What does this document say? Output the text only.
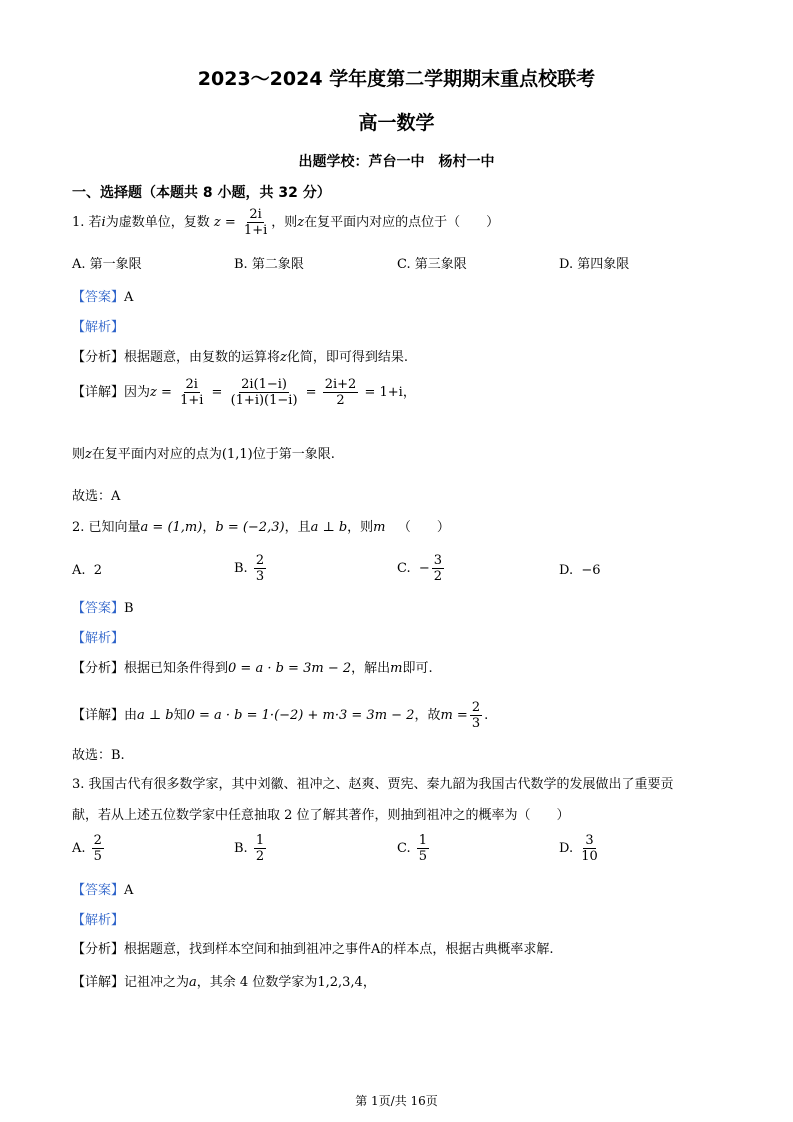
2023～2024 学年度第二学期期末重点校联考
高一数学
出题学校：芦台一中　杨村一中
一、选择题（本题共 8 小题，共 32 分）
1. 若i为虚数单位，复数 $z = \frac{2i}{1+i}$ ，则z在复平面内对应的点位于（　　）
A. 第一象限	B. 第二象限	C. 第三象限	D. 第四象限
【答案】A
【解析】
【分析】根据题意，由复数的运算将z化简，即可得到结果.
【详解】因为$z = \frac{2i}{1+i} = \frac{2i(1-i)}{(1+i)(1-i)} = \frac{2i+2}{2} = 1+i$，
则z在复平面内对应的点为(1,1)位于第一象限.
故选：A
2. 已知向量a = (1,m)，b = (−2,3)，且a ⊥ b，则m （　　）
A. 2	B. $\frac{2}{3}$	C.  − $\frac{3}{2}$	D. −6
【答案】B
【解析】
【分析】根据已知条件得到0 = a · b = 3m − 2，解出m即可.
【详解】由a ⊥ b知0 = a · b = 1·(−2) + m·3 = 3m − 2，故$m = \frac{2}{3}$ .
故选：B.
3. 我国古代有很多数学家，其中刘徽、祖冲之、赵爽、贾宪、秦九韶为我国古代数学的发展做出了重要贡
献，若从上述五位数学家中任意抽取 2 位了解其著作，则抽到祖冲之的概率为（　　）
A. $\frac{2}{5}$	B. $\frac{1}{2}$	C. $\frac{1}{5}$	D. $\frac{3}{10}$
【答案】A
【解析】
【分析】根据题意，找到样本空间和抽到祖冲之事件A的样本点，根据古典概率求解.
【详解】记祖冲之为a，其余 4 位数学家为1,2,3,4，
第 1页/共 16页
